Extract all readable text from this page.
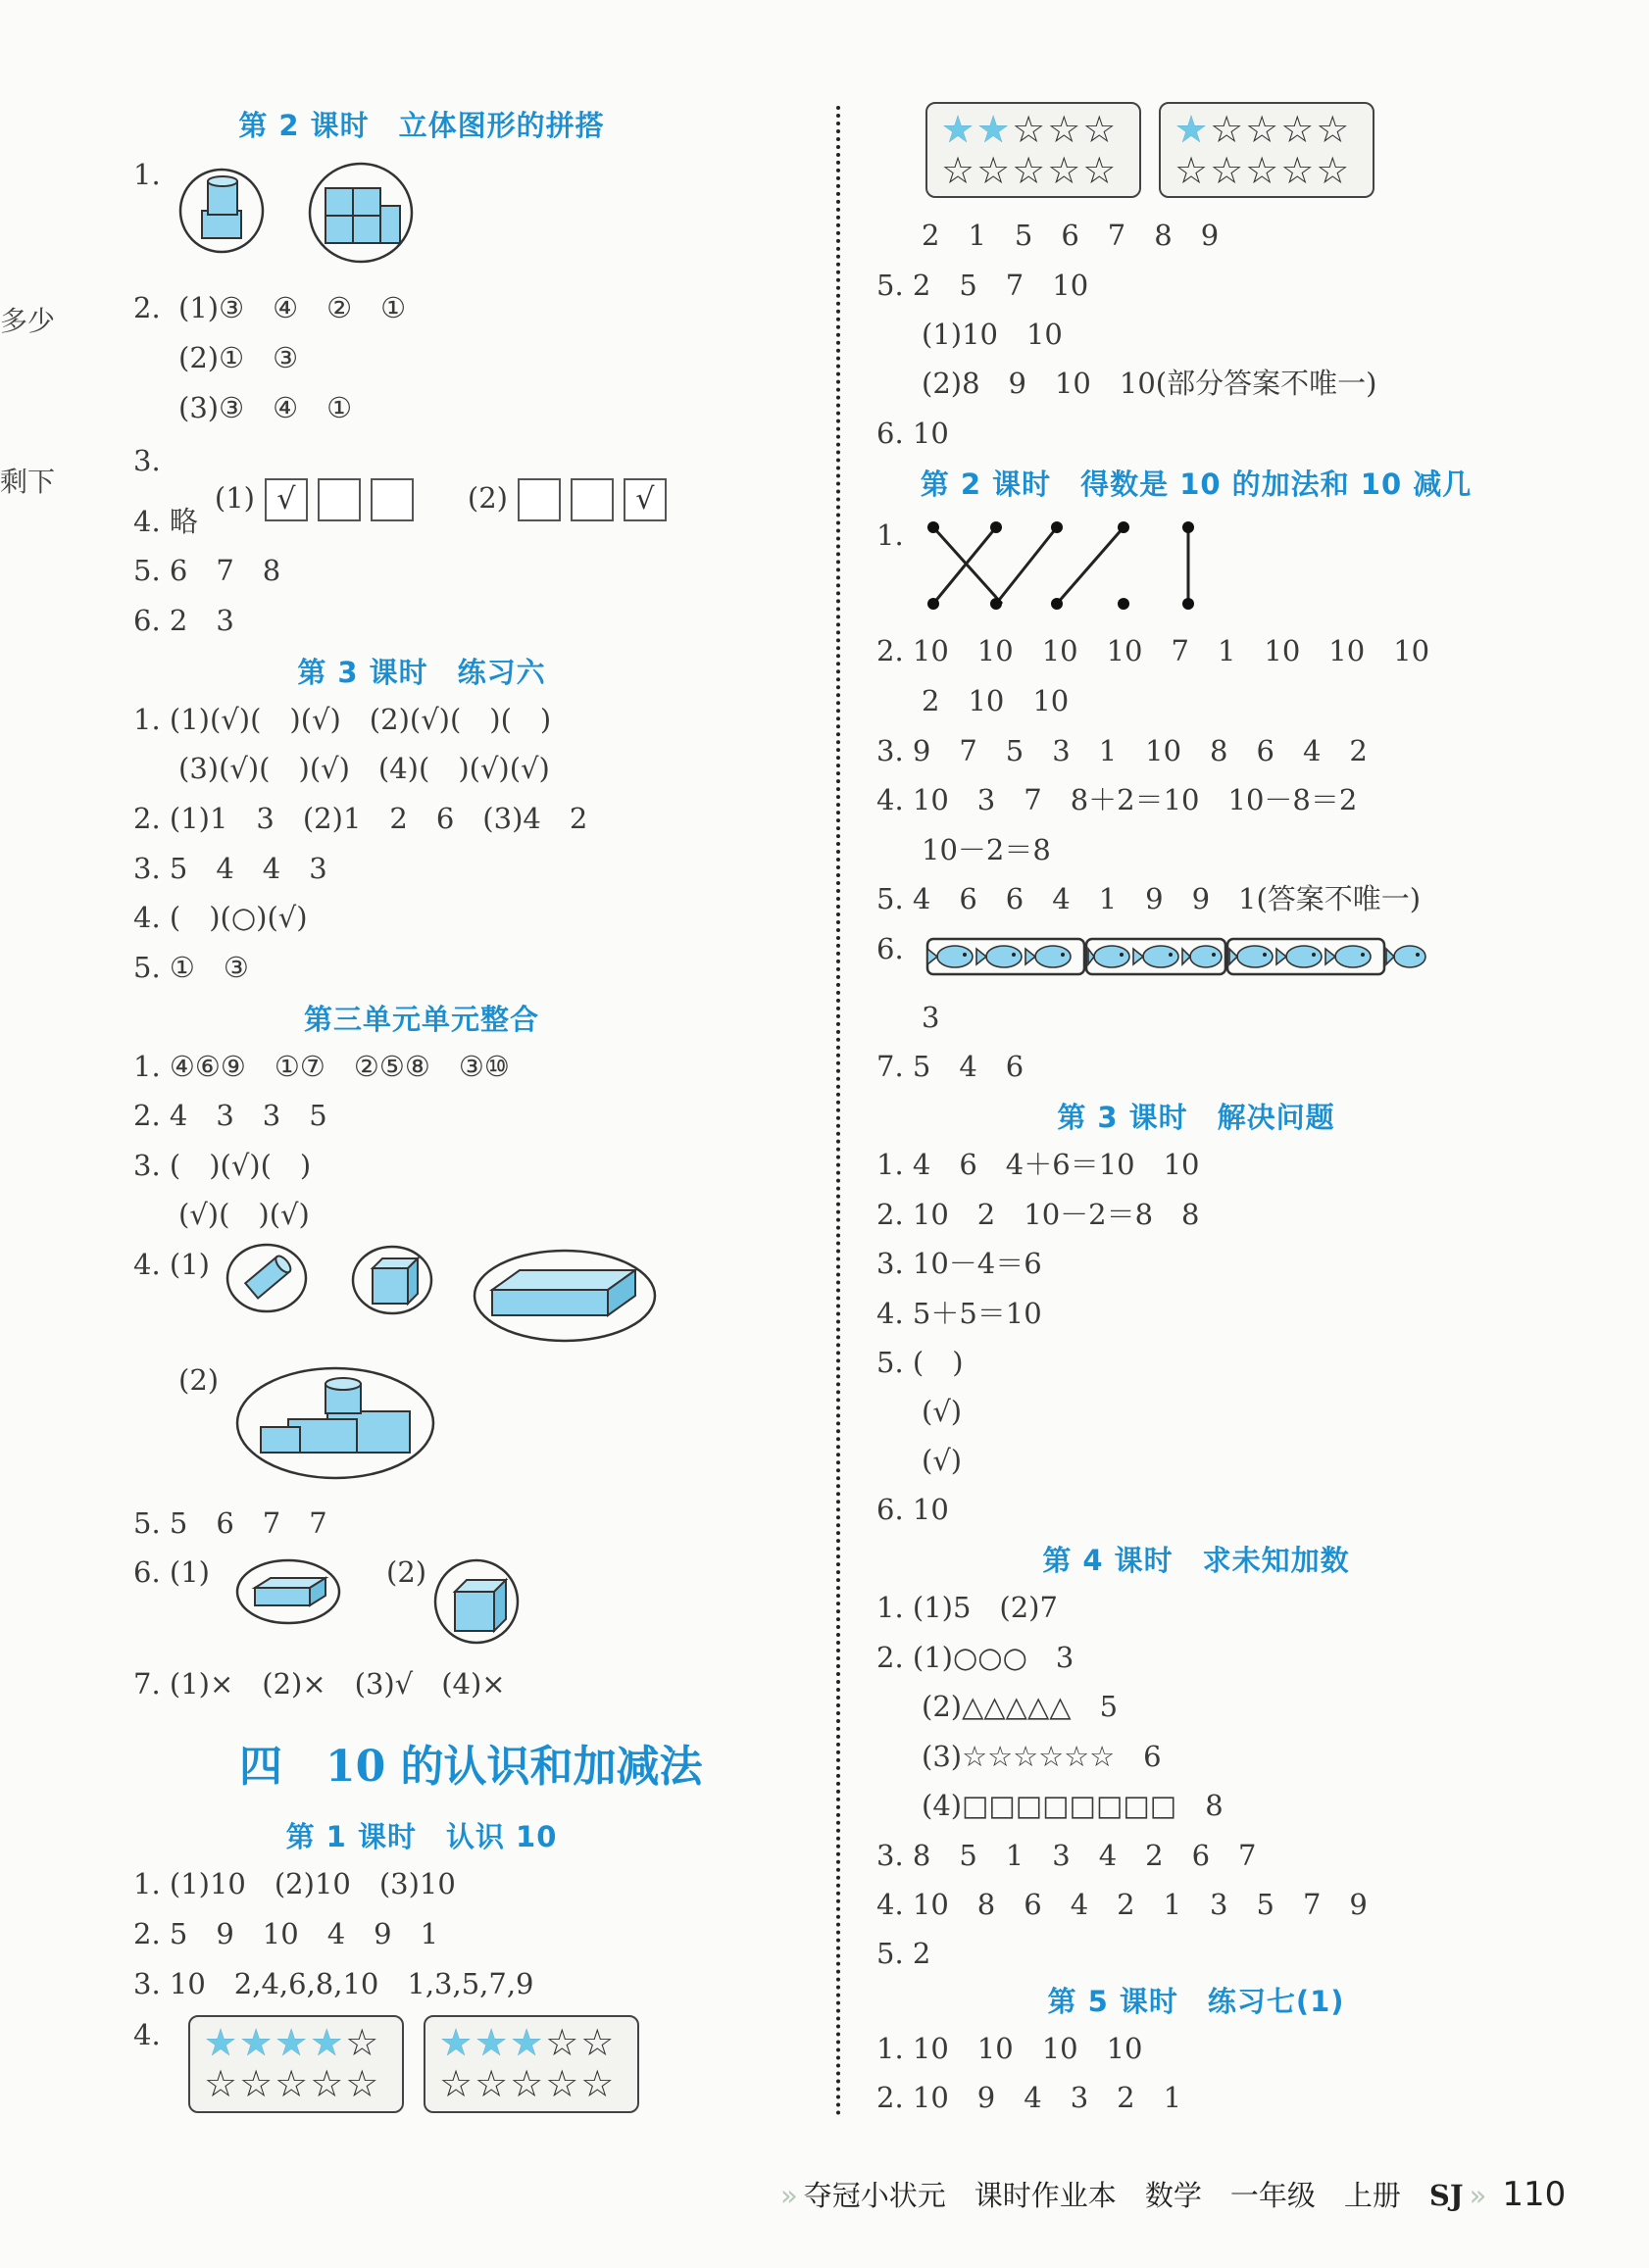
多少
剩下
第 2 课时　立体图形的拼搭
1.
2. (1)③　④　②　①
(2)①　③
(3)③　④　①
3.

(1) √
	(2)	√

4. 略
5. 6　7　8
6. 2　3
第 3 课时　练习六
1. (1)(√)(　)(√)　(2)(√)(　)(　)
(3)(√)(　)(√)　(4)(　)(√)(√)
2. (1)1　3　(2)1　2　6　(3)4　2
3. 5　4　4　3
4. (　)(○)(√)
5. ①　③
第三单元单元整合
1. ④⑥⑨　①⑦　②⑤⑧　③⑩
2. 4　3　3　5
3. (　)(√)(　)
(√)(　)(√)
4. (1)
(2)
5. 5　6　7　7
6. (1)	(2)
7. (1)×　(2)×　(3)√　(4)×
四　10 的认识和加减法
第 1 课时　认识 10
1. (1)10　(2)10　(3)10
2. 5　9　10　4　9　1
3. 10　2,4,6,8,10　1,3,5,7,9
4. ★★★★☆
☆☆☆☆☆
★★★☆☆
☆☆☆☆☆
★★☆☆☆
☆☆☆☆☆
★☆☆☆☆
☆☆☆☆☆
2　1　5　6　7　8　9
5. 2　5　7　10
(1)10　10
(2)8　9　10　10(部分答案不唯一)
6. 10
第 2 课时　得数是 10 的加法和 10 减几
1.
2. 10　10　10　10　7　1　10　10　10
2　10　10
3. 9　7　5　3　1　10　8　6　4　2
4. 10　3　7　8＋2＝10　10－8＝2
10－2＝8
5. 4　6　6　4　1　9　9　1(答案不唯一)
6.
3
7. 5　4　6
第 3 课时　解决问题
1. 4　6　4＋6＝10　10
2. 10　2　10－2＝8　8
3. 10－4＝6
4. 5＋5＝10
5. (　)
(√)
(√)
6. 10
第 4 课时　求未知加数
1. (1)5　(2)7
2. (1)○○○　3
(2)△△△△△　5
(3)☆☆☆☆☆☆　6
(4)□□□□□□□□　8
3. 8　5　1　3　4　2　6　7
4. 10　8　6　4　2　1　3　5　7　9
5. 2
第 5 课时　练习七(1)
1. 10　10　10　10
2. 10　9　4　3　2　1
» 夺冠小状元　 课时作业本　 数学　 一年级　 上册　 SJ » 110
